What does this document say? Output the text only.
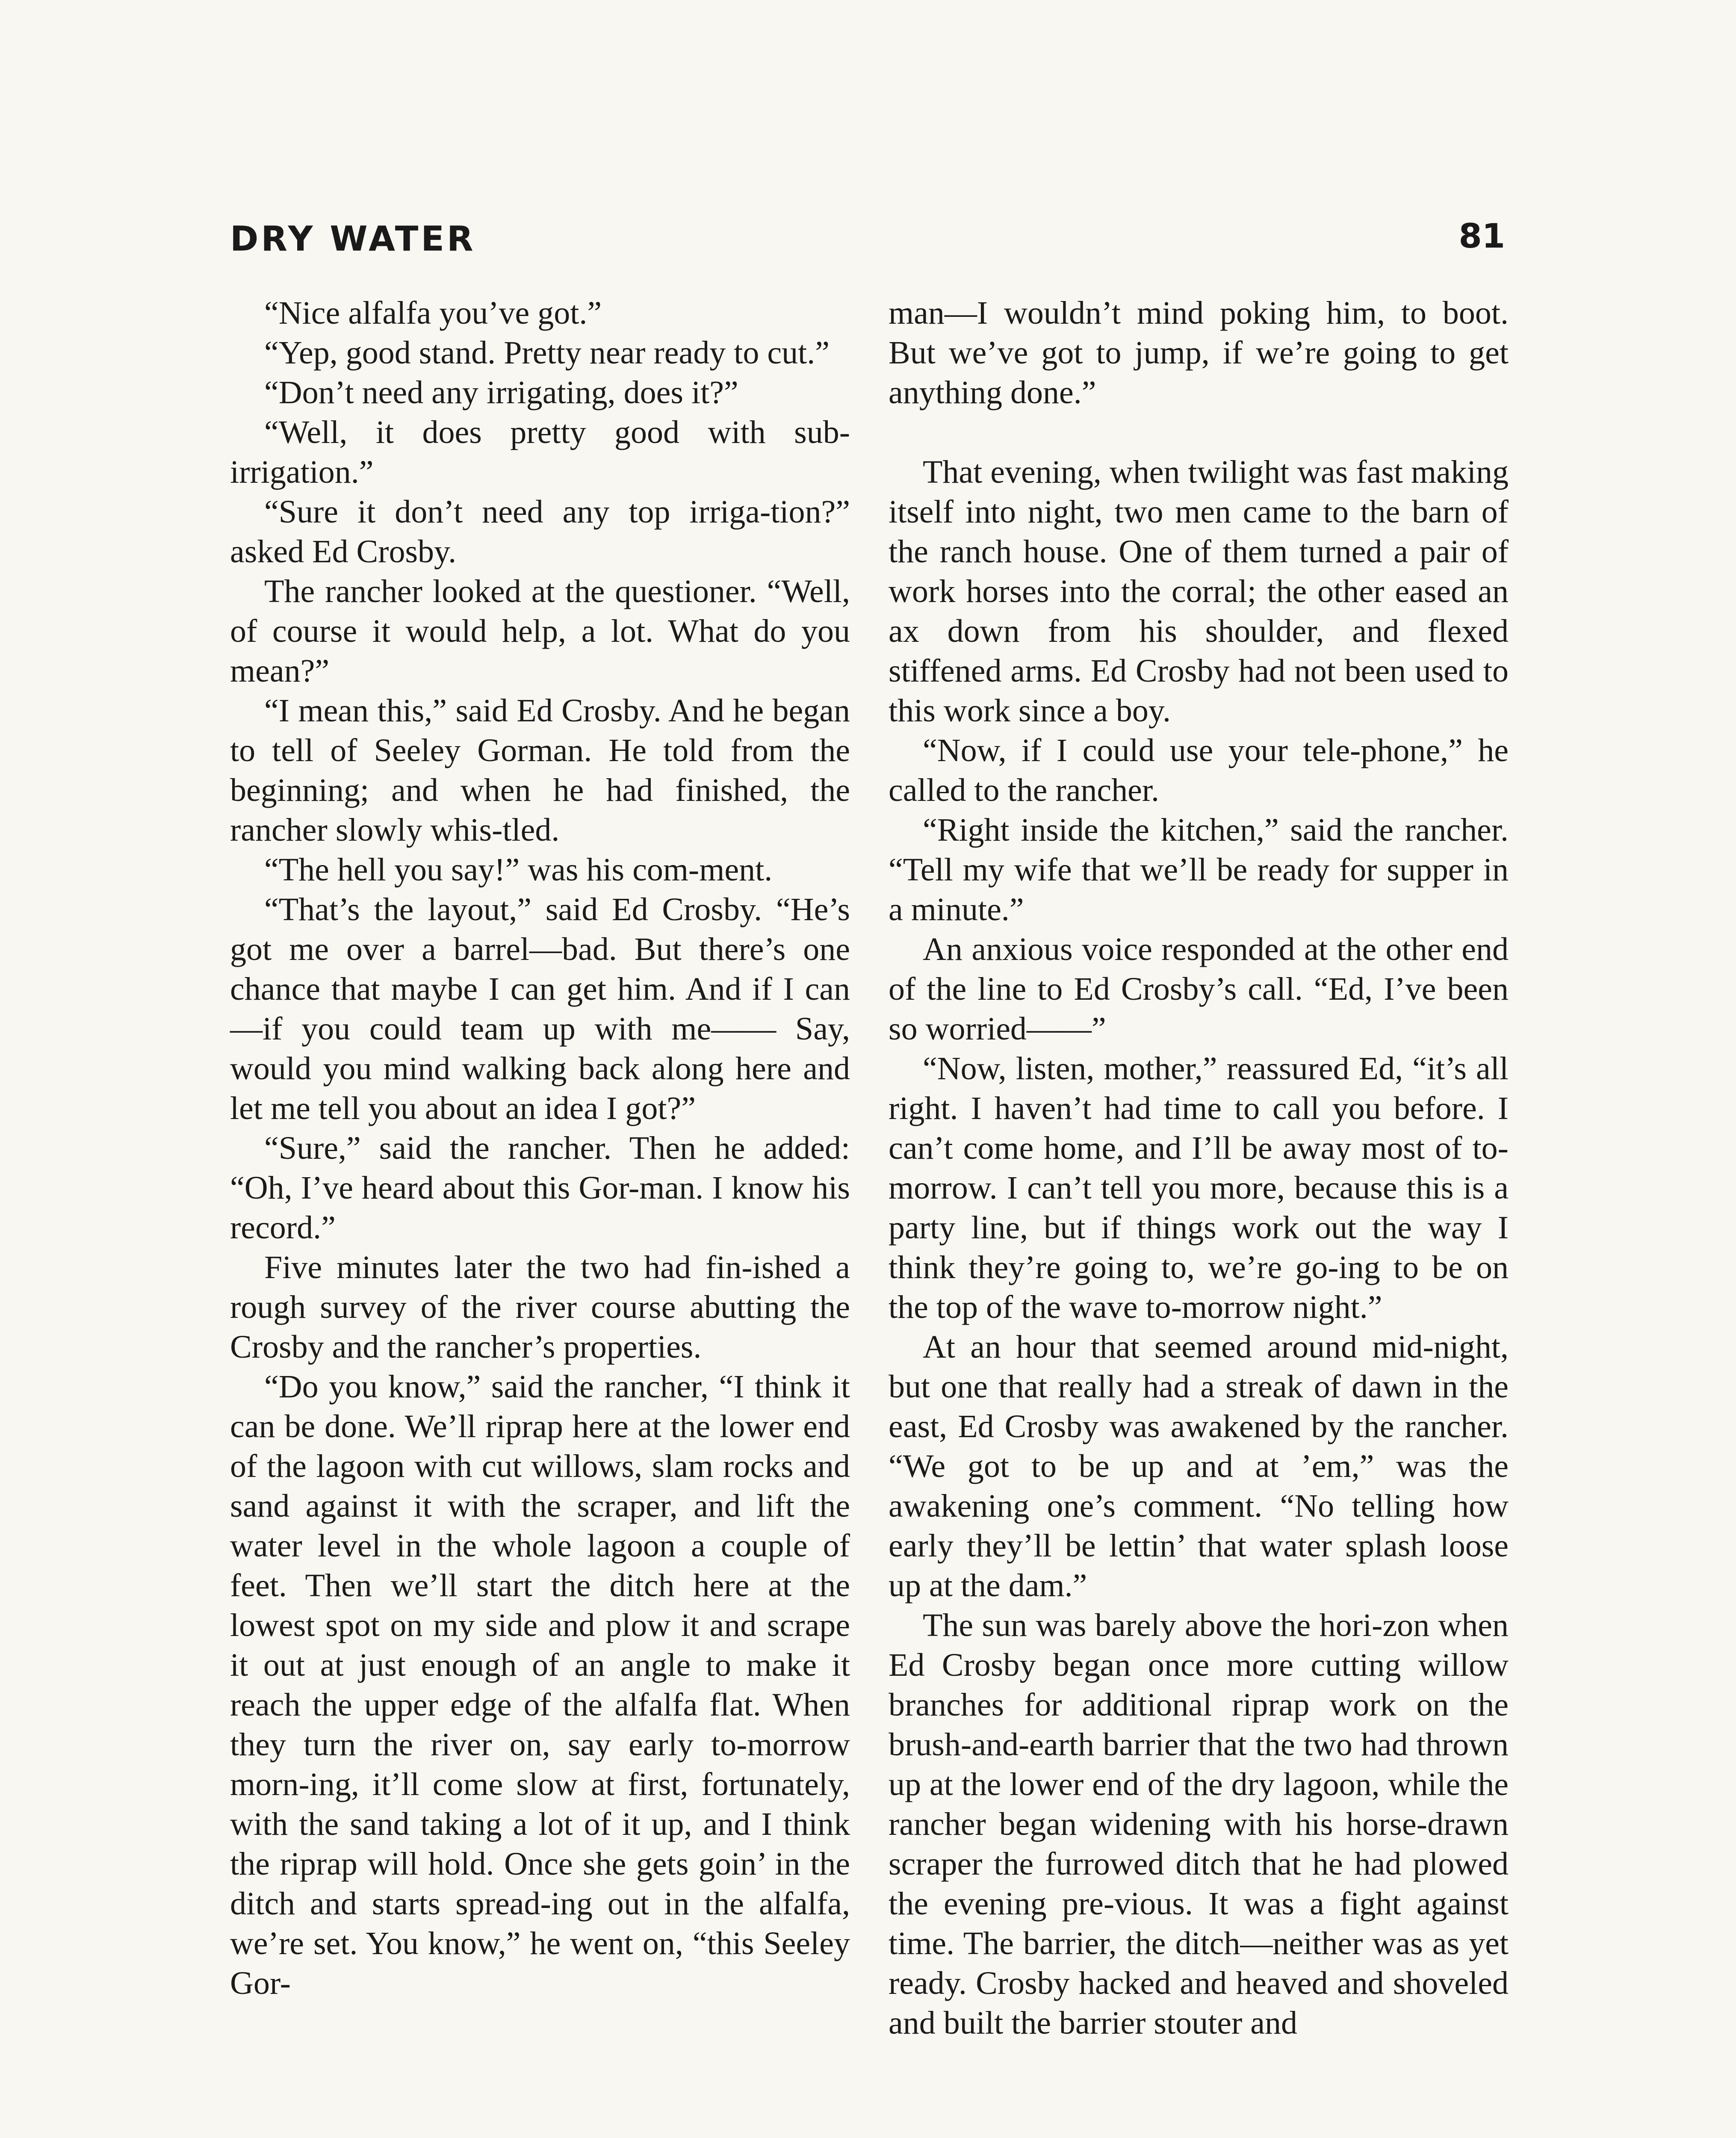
DRY WATER	81

“Nice alfalfa you’ve got.”

“Yep, good stand. Pretty near ready to cut.”

“Don’t need any irrigating, does it?”

“Well, it does pretty good with sub-irrigation.”

“Sure it don’t need any top irriga-tion?” asked Ed Crosby.

The rancher looked at the questioner. “Well, of course it would help, a lot. What do you mean?”

“I mean this,” said Ed Crosby. And he began to tell of Seeley Gorman. He told from the beginning; and when he had finished, the rancher slowly whis-tled.

“The hell you say!” was his com-ment.

“That’s the layout,” said Ed Crosby. “He’s got me over a barrel—bad. But there’s one chance that maybe I can get him. And if I can—if you could team up with me—— Say, would you mind walking back along here and let me tell you about an idea I got?”

“Sure,” said the rancher. Then he added: “Oh, I’ve heard about this Gor-man. I know his record.”

Five minutes later the two had fin-ished a rough survey of the river course abutting the Crosby and the rancher’s properties.

“Do you know,” said the rancher, “I think it can be done. We’ll riprap here at the lower end of the lagoon with cut willows, slam rocks and sand against it with the scraper, and lift the water level in the whole lagoon a couple of feet. Then we’ll start the ditch here at the lowest spot on my side and plow it and scrape it out at just enough of an angle to make it reach the upper edge of the alfalfa flat. When they turn the river on, say early to-morrow morn-ing, it’ll come slow at first, fortunately, with the sand taking a lot of it up, and I think the riprap will hold. Once she gets goin’ in the ditch and starts spread-ing out in the alfalfa, we’re set. You know,” he went on, “this Seeley Gor-

man—I wouldn’t mind poking him, to boot. But we’ve got to jump, if we’re going to get anything done.”

That evening, when twilight was fast making itself into night, two men came to the barn of the ranch house. One of them turned a pair of work horses into the corral; the other eased an ax down from his shoulder, and flexed stiffened arms. Ed Crosby had not been used to this work since a boy.

“Now, if I could use your tele-phone,” he called to the rancher.

“Right inside the kitchen,” said the rancher. “Tell my wife that we’ll be ready for supper in a minute.”

An anxious voice responded at the other end of the line to Ed Crosby’s call. “Ed, I’ve been so worried——”

“Now, listen, mother,” reassured Ed, “it’s all right. I haven’t had time to call you before. I can’t come home, and I’ll be away most of to-morrow. I can’t tell you more, because this is a party line, but if things work out the way I think they’re going to, we’re go-ing to be on the top of the wave to-morrow night.”

At an hour that seemed around mid-night, but one that really had a streak of dawn in the east, Ed Crosby was awakened by the rancher. “We got to be up and at ’em,” was the awakening one’s comment. “No telling how early they’ll be lettin’ that water splash loose up at the dam.”

The sun was barely above the hori-zon when Ed Crosby began once more cutting willow branches for additional riprap work on the brush-and-earth barrier that the two had thrown up at the lower end of the dry lagoon, while the rancher began widening with his horse-drawn scraper the furrowed ditch that he had plowed the evening pre-vious. It was a fight against time. The barrier, the ditch—neither was as yet ready. Crosby hacked and heaved and shoveled and built the barrier stouter and
